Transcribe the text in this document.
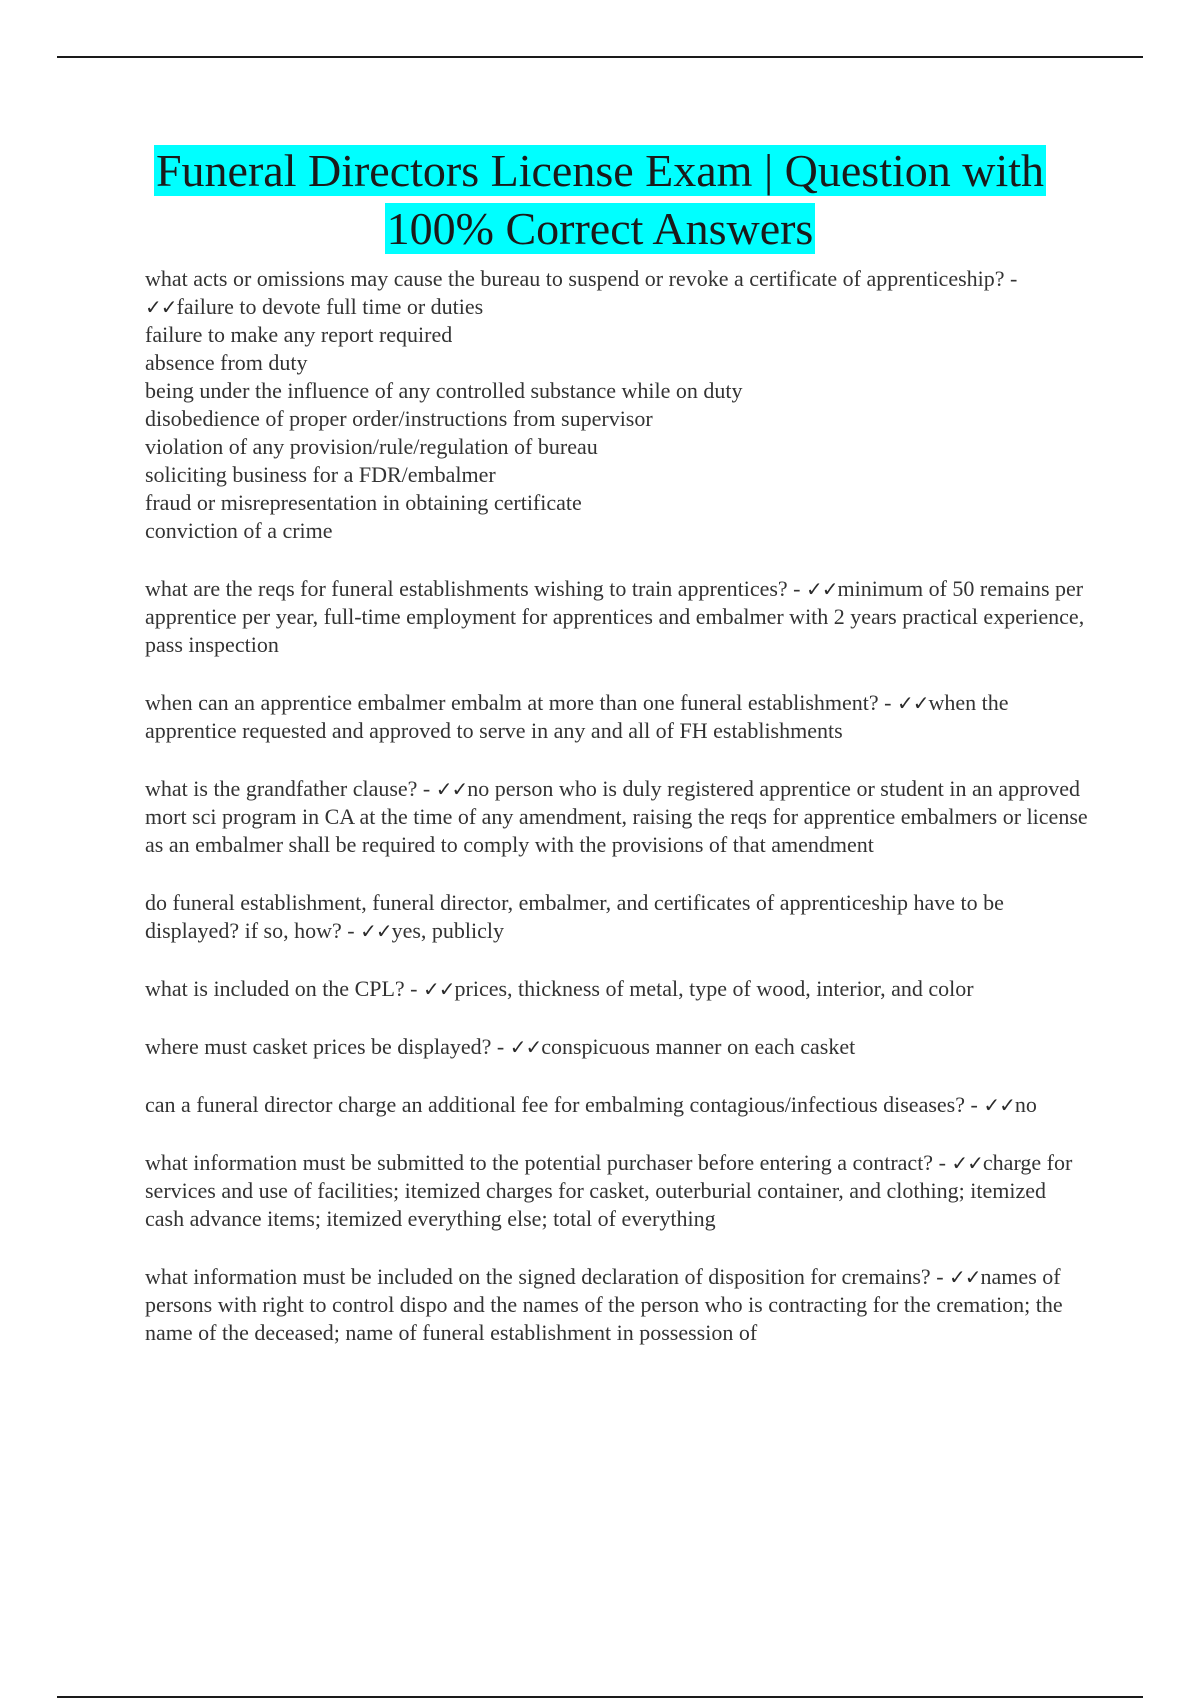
Funeral Directors License Exam | Question with
100% Correct Answers

what acts or omissions may cause the bureau to suspend or revoke a certificate of apprenticeship? - ✓✓failure to devote full time or duties
failure to make any report required
absence from duty
being under the influence of any controlled substance while on duty
disobedience of proper order/instructions from supervisor
violation of any provision/rule/regulation of bureau
soliciting business for a FDR/embalmer
fraud or misrepresentation in obtaining certificate
conviction of a crime

what are the reqs for funeral establishments wishing to train apprentices? - ✓✓minimum of 50 remains per apprentice per year, full-time employment for apprentices and embalmer with 2 years practical experience, pass inspection

when can an apprentice embalmer embalm at more than one funeral establishment? - ✓✓when the apprentice requested and approved to serve in any and all of FH establishments

what is the grandfather clause? - ✓✓no person who is duly registered apprentice or student in an approved mort sci program in CA at the time of any amendment, raising the reqs for apprentice embalmers or license as an embalmer shall be required to comply with the provisions of that amendment

do funeral establishment, funeral director, embalmer, and certificates of apprenticeship have to be displayed? if so, how? - ✓✓yes, publicly

what is included on the CPL? - ✓✓prices, thickness of metal, type of wood, interior, and color

where must casket prices be displayed? - ✓✓conspicuous manner on each casket

can a funeral director charge an additional fee for embalming contagious/infectious diseases? - ✓✓no

what information must be submitted to the potential purchaser before entering a contract? - ✓✓charge for services and use of facilities; itemized charges for casket, outerburial container, and clothing; itemized cash advance items; itemized everything else; total of everything

what information must be included on the signed declaration of disposition for cremains? - ✓✓names of persons with right to control dispo and the names of the person who is contracting for the cremation; the name of the deceased; name of funeral establishment in possession of
